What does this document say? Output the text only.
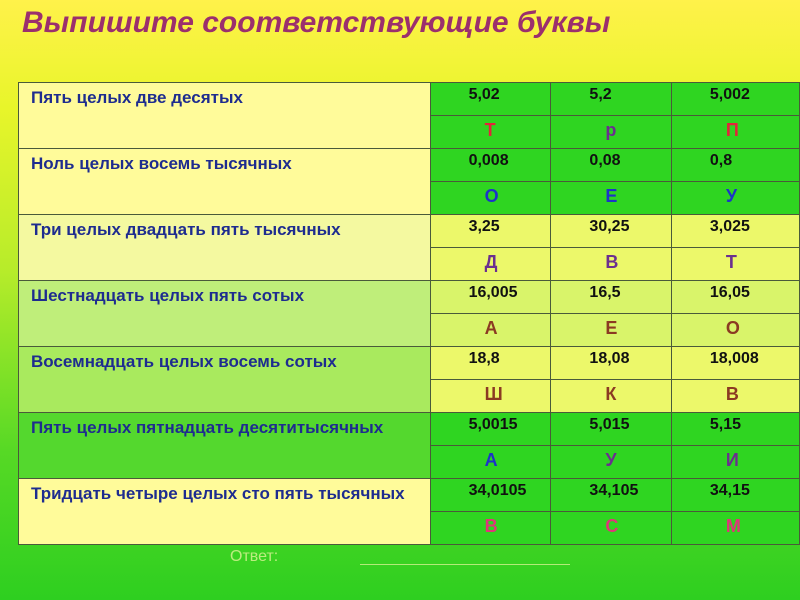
Выпишите соответствующие буквы
Пять целых две десятых	5,02	5,2	5,002
	Т	р	П
Ноль целых восемь тысячных	0,008	0,08	0,8
	О	Е	У
Три целых двадцать пять тысячных	3,25	30,25	3,025
	Д	В	Т
Шестнадцать целых пять сотых	16,005	16,5	16,05
	А	Е	О
Восемнадцать целых восемь сотых	18,8	18,08	18,008
	Ш	К	В
Пять целых пятнадцать десятитысячных	5,0015	5,015	5,15
	А	У	И
Тридцать четыре целых сто пять тысячных	34,0105	34,105	34,15
	В	С	М
Ответ:
